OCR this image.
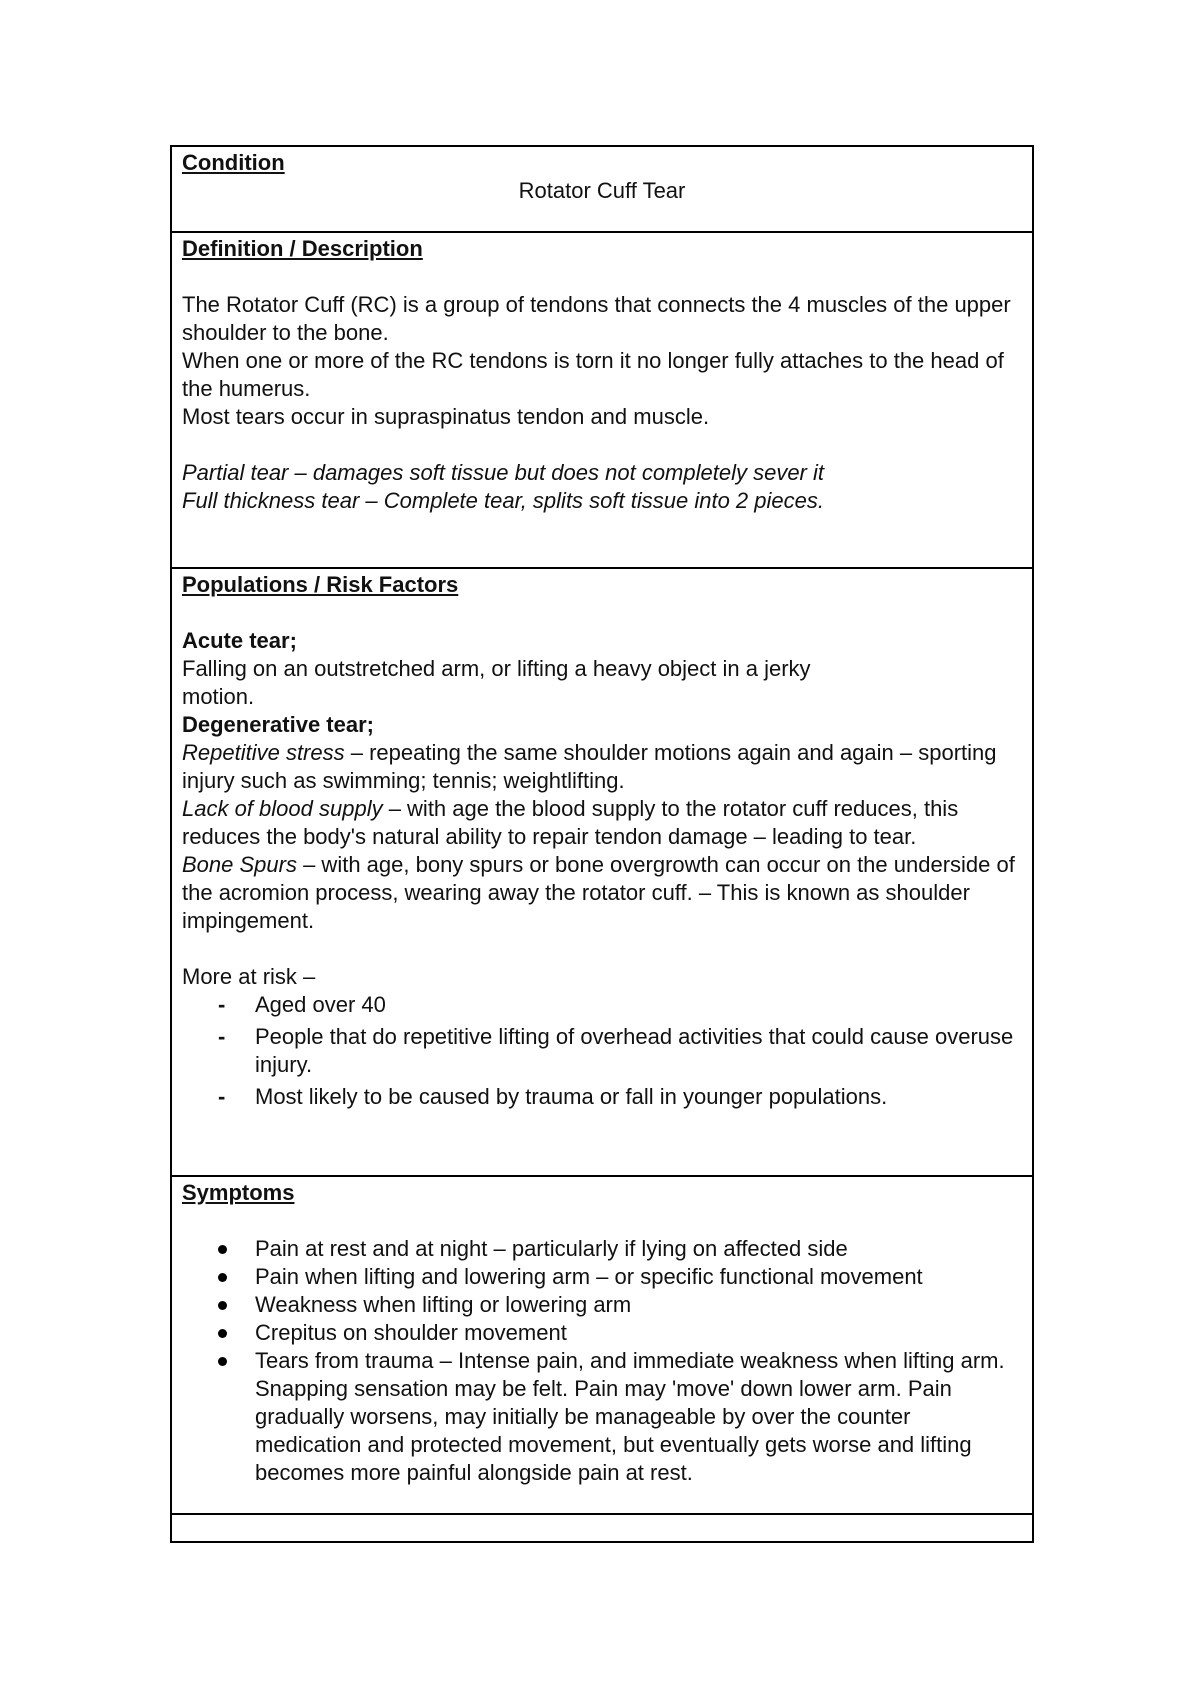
Condition
Rotator Cuff Tear
Definition / Description
The Rotator Cuff (RC) is a group of tendons that connects the 4 muscles of the upper shoulder to the bone.
When one or more of the RC tendons is torn it no longer fully attaches to the head of the humerus.
Most tears occur in supraspinatus tendon and muscle.
Partial tear – damages soft tissue but does not completely sever it
Full thickness tear – Complete tear, splits soft tissue into 2 pieces.
Populations / Risk Factors
Acute tear;
Falling on an outstretched arm, or lifting a heavy object in a jerky motion.
Degenerative tear;
Repetitive stress – repeating the same shoulder motions again and again – sporting injury such as swimming; tennis; weightlifting.
Lack of blood supply – with age the blood supply to the rotator cuff reduces, this reduces the body's natural ability to repair tendon damage – leading to tear.
Bone Spurs – with age, bony spurs or bone overgrowth can occur on the underside of the acromion process, wearing away the rotator cuff. – This is known as shoulder impingement.
More at risk –
- Aged over 40
- People that do repetitive lifting of overhead activities that could cause overuse injury.
- Most likely to be caused by trauma or fall in younger populations.
Symptoms
Pain at rest and at night – particularly if lying on affected side
Pain when lifting and lowering arm – or specific functional movement
Weakness when lifting or lowering arm
Crepitus on shoulder movement
Tears from trauma – Intense pain, and immediate weakness when lifting arm. Snapping sensation may be felt. Pain may 'move' down lower arm. Pain gradually worsens, may initially be manageable by over the counter medication and protected movement, but eventually gets worse and lifting becomes more painful alongside pain at rest.
